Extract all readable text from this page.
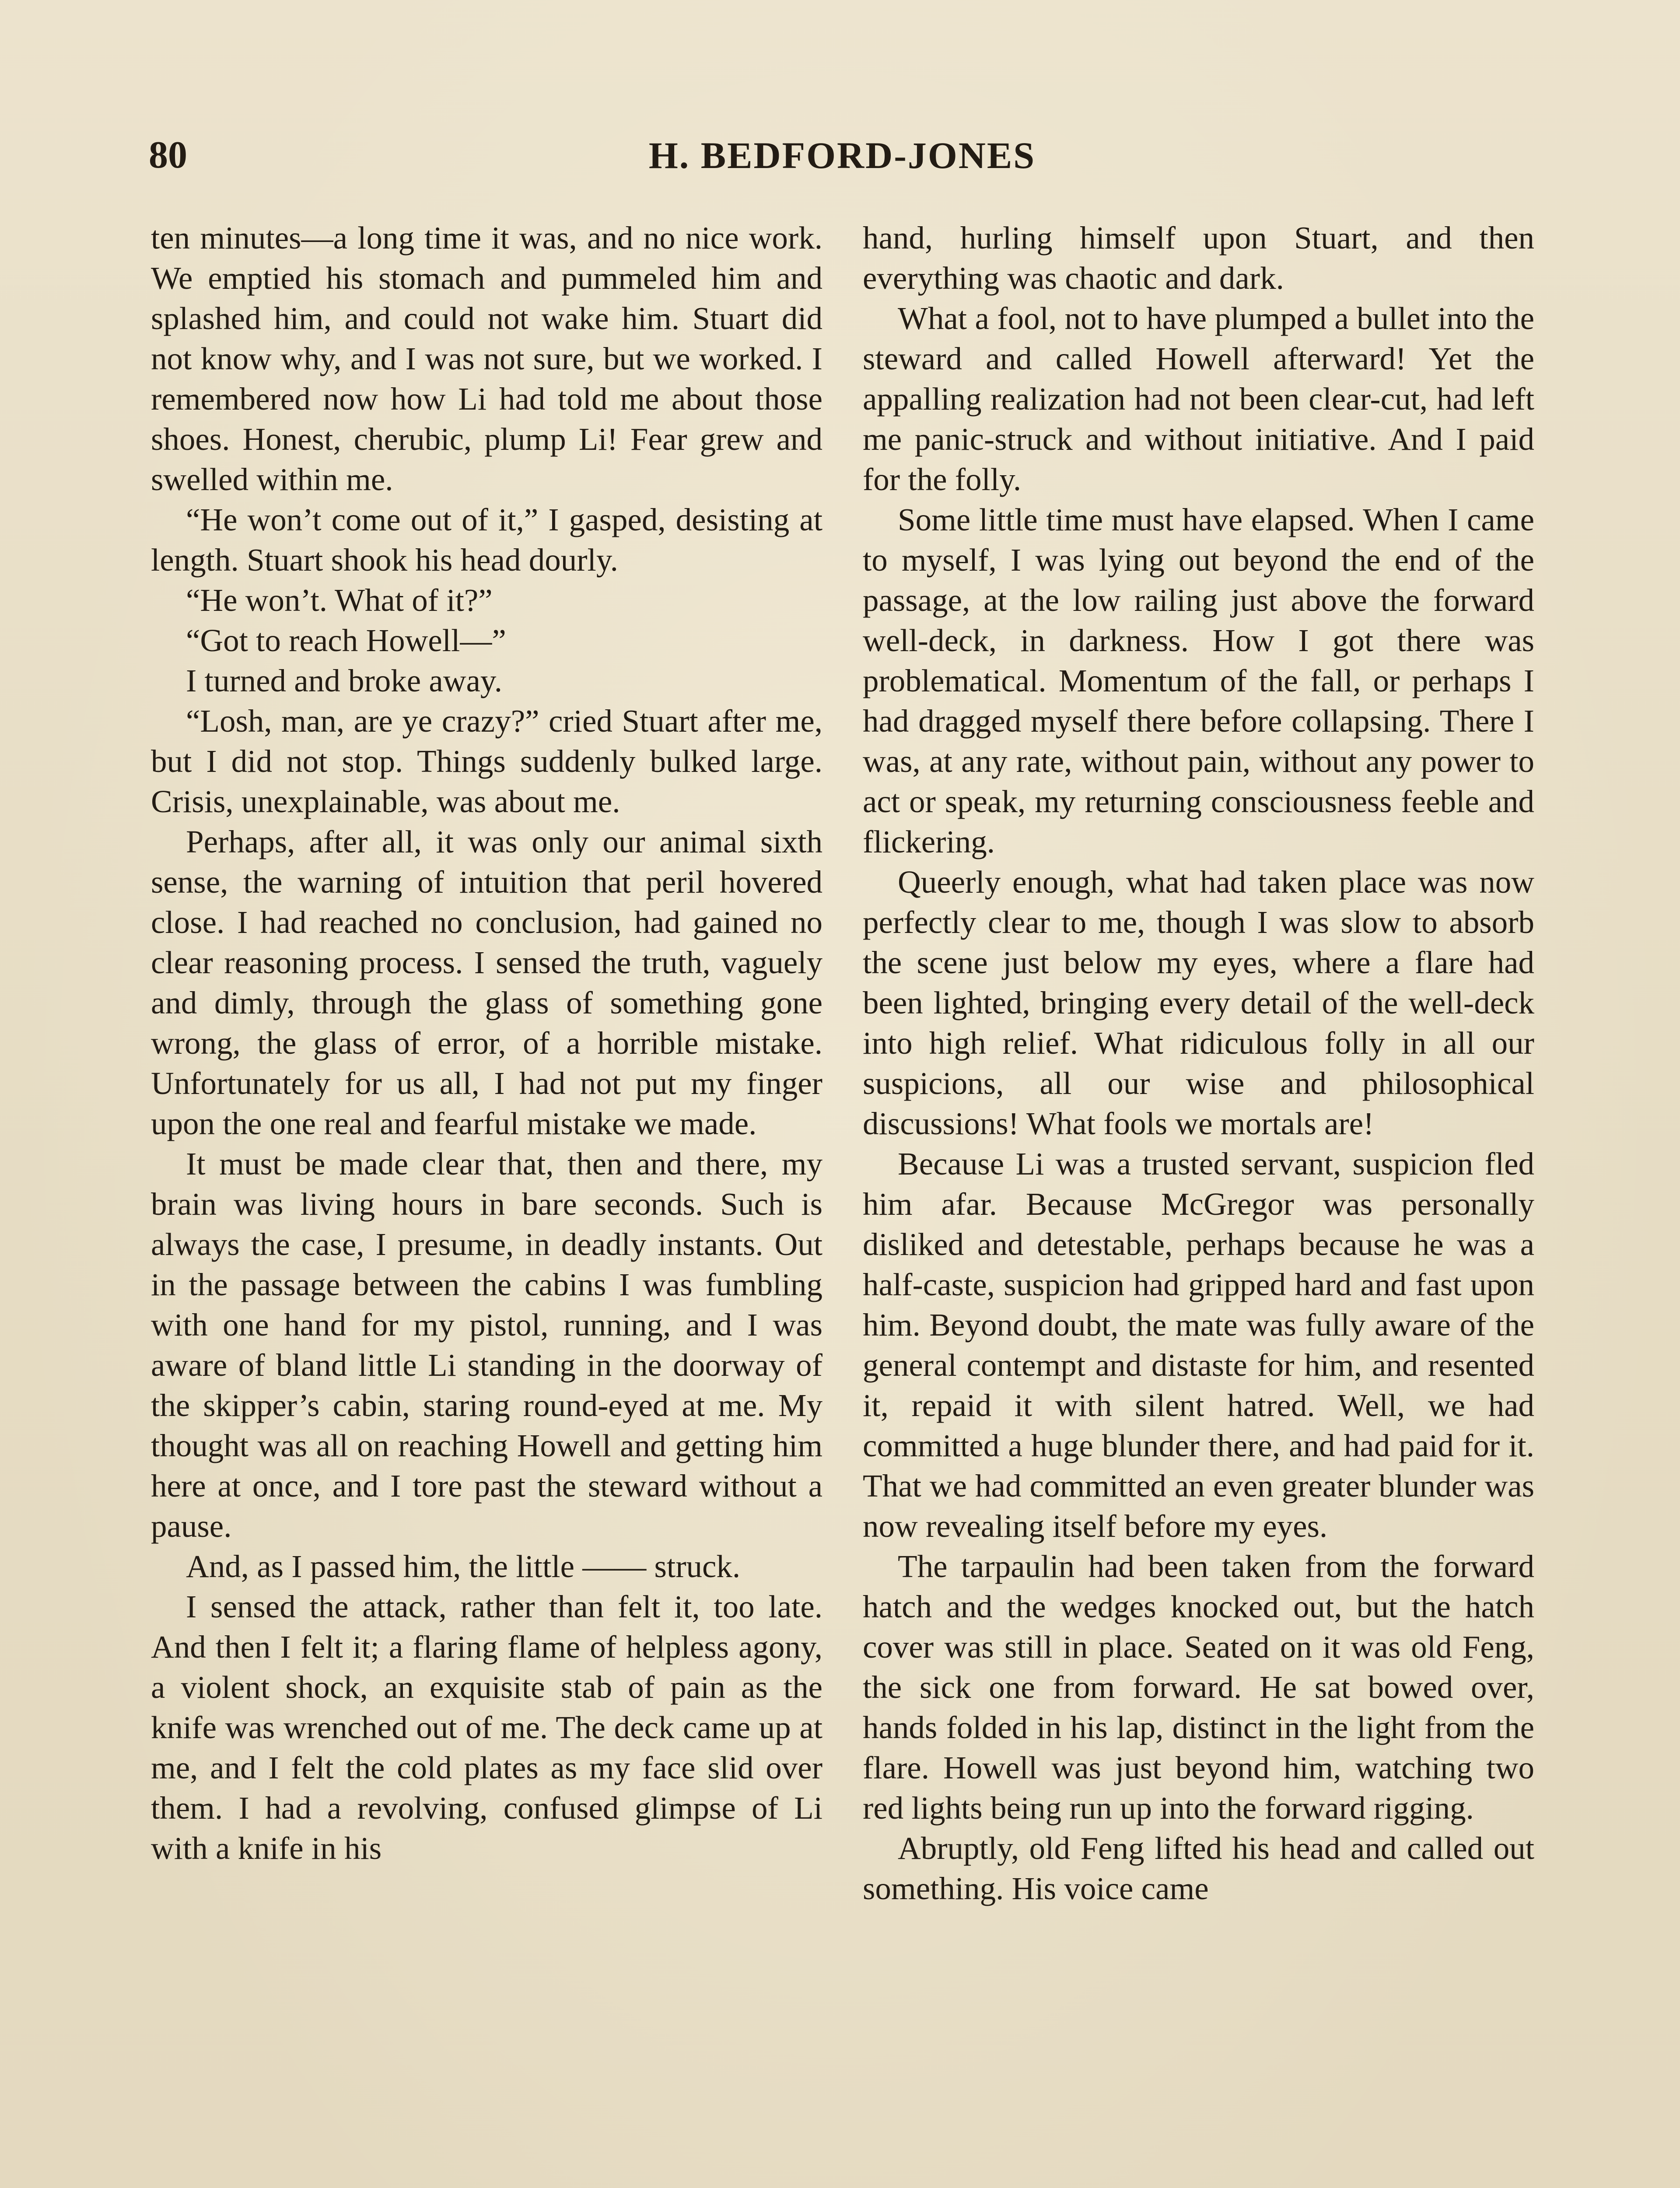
80	H. BEDFORD-JONES

ten minutes—a long time it was, and no nice work. We emptied his stomach and pummeled him and splashed him, and could not wake him. Stuart did not know why, and I was not sure, but we worked. I remembered now how Li had told me about those shoes. Honest, cherubic, plump Li! Fear grew and swelled within me.

“He won’t come out of it,” I gasped, desisting at length. Stuart shook his head dourly.

“He won’t. What of it?”

“Got to reach Howell—”

I turned and broke away.

“Losh, man, are ye crazy?” cried Stuart after me, but I did not stop. Things suddenly bulked large. Crisis, unexplainable, was about me.

Perhaps, after all, it was only our animal sixth sense, the warning of intuition that peril hovered close. I had reached no conclusion, had gained no clear reasoning process. I sensed the truth, vaguely and dimly, through the glass of something gone wrong, the glass of error, of a horrible mistake. Unfortunately for us all, I had not put my finger upon the one real and fearful mistake we made.

It must be made clear that, then and there, my brain was living hours in bare seconds. Such is always the case, I presume, in deadly instants. Out in the passage between the cabins I was fumbling with one hand for my pistol, running, and I was aware of bland little Li standing in the doorway of the skipper’s cabin, staring round-eyed at me. My thought was all on reaching Howell and getting him here at once, and I tore past the steward without a pause.

And, as I passed him, the little —— struck.

I sensed the attack, rather than felt it, too late. And then I felt it; a flaring flame of helpless agony, a violent shock, an exquisite stab of pain as the knife was wrenched out of me. The deck came up at me, and I felt the cold plates as my face slid over them. I had a revolving, confused glimpse of Li with a knife in his

hand, hurling himself upon Stuart, and then everything was chaotic and dark.

What a fool, not to have plumped a bullet into the steward and called Howell afterward! Yet the appalling realization had not been clear-cut, had left me panic-struck and without initiative. And I paid for the folly.

Some little time must have elapsed. When I came to myself, I was lying out beyond the end of the passage, at the low railing just above the forward well-deck, in darkness. How I got there was problematical. Momentum of the fall, or perhaps I had dragged myself there before collapsing. There I was, at any rate, without pain, without any power to act or speak, my returning consciousness feeble and flickering.

Queerly enough, what had taken place was now perfectly clear to me, though I was slow to absorb the scene just below my eyes, where a flare had been lighted, bringing every detail of the well-deck into high relief. What ridiculous folly in all our suspicions, all our wise and philosophical discussions! What fools we mortals are!

Because Li was a trusted servant, suspicion fled him afar. Because McGregor was personally disliked and detestable, perhaps because he was a half-caste, suspicion had gripped hard and fast upon him. Beyond doubt, the mate was fully aware of the general contempt and distaste for him, and resented it, repaid it with silent hatred. Well, we had committed a huge blunder there, and had paid for it. That we had committed an even greater blunder was now revealing itself before my eyes.

The tarpaulin had been taken from the forward hatch and the wedges knocked out, but the hatch cover was still in place. Seated on it was old Feng, the sick one from forward. He sat bowed over, hands folded in his lap, distinct in the light from the flare. Howell was just beyond him, watching two red lights being run up into the forward rigging.

Abruptly, old Feng lifted his head and called out something. His voice came
